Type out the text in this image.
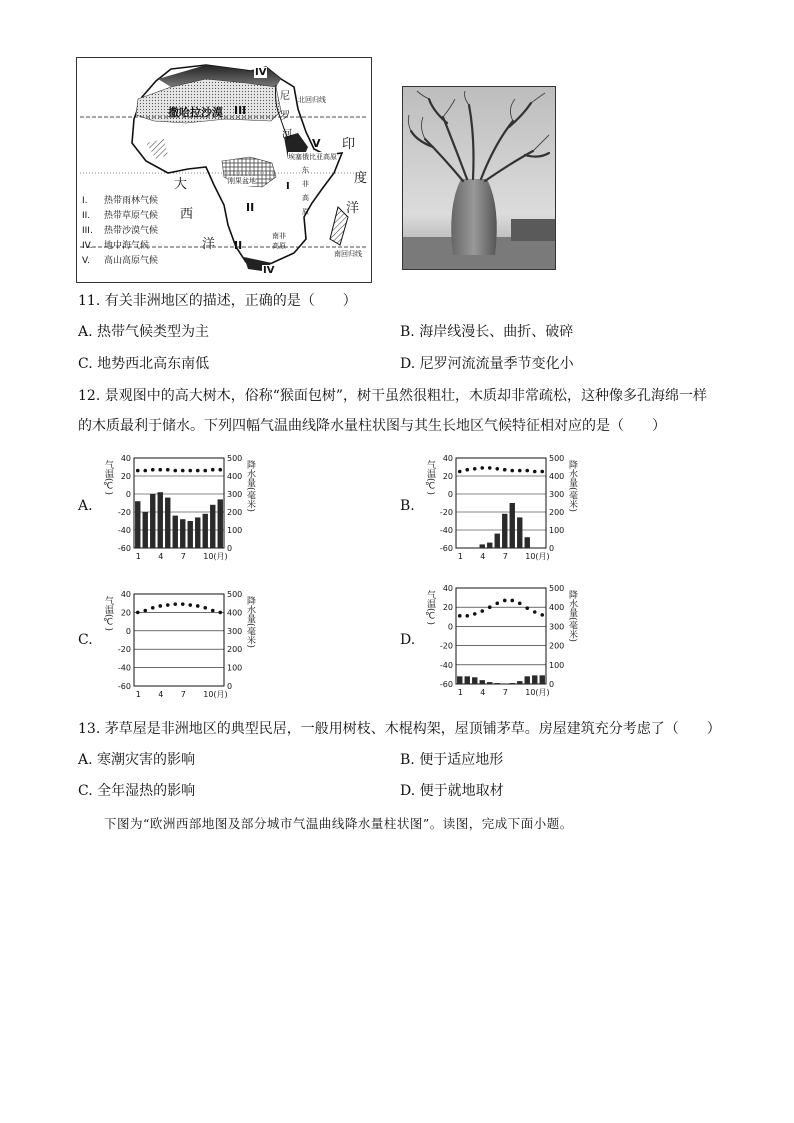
撒哈拉沙漠 III
IV
尼
罗
河
北回归线
V
埃塞俄比亚高原
刚果盆地
东
非
高
原
I
II
南非
高原
II
IV
南回归线
印
度
洋
大
西
洋
I. 热带雨林气候
II. 热带草原气候
III. 热带沙漠气候
IV. 地中海气候
V. 高山高原气候
11. 有关非洲地区的描述，正确的是（　　）
A. 热带气候类型为主	B. 海岸线漫长、曲折、破碎
C. 地势西北高东南低	D. 尼罗河流流量季节变化小
12. 景观图中的高大树木，俗称“猴面包树”，树干虽然很粗壮，木质却非常疏松，这种像多孔海绵一样
的木质最利于储水。下列四幅气温曲线降水量柱状图与其生长地区气候特征相对应的是（　　）
A.	B.
C.	D.
40	500
20	400
0	300
-20	200
-40	100
-60	0
1 4 7 10(月)
气温(℃)	降水量(毫米)
40	500
20	400
0	300
-20	200
-40	100
-60	0
1 4 7 10(月)
气温(℃)	降水量(毫米)
40	500
20	400
0	300
-20	200
-40	100
-60	0
1 4 7 10(月)
气温(℃)	降水量(毫米)
40	500
20	400
0	300
-20	200
-40	100
-60	0
1 4 7 10(月)
气温(℃)	降水量(毫米)
13. 茅草屋是非洲地区的典型民居，一般用树枝、木棍构架，屋顶铺茅草。房屋建筑充分考虑了（　　）
A. 寒潮灾害的影响	B. 便于适应地形
C. 全年湿热的影响	D. 便于就地取材
下图为“欧洲西部地图及部分城市气温曲线降水量柱状图”。读图，完成下面小题。
